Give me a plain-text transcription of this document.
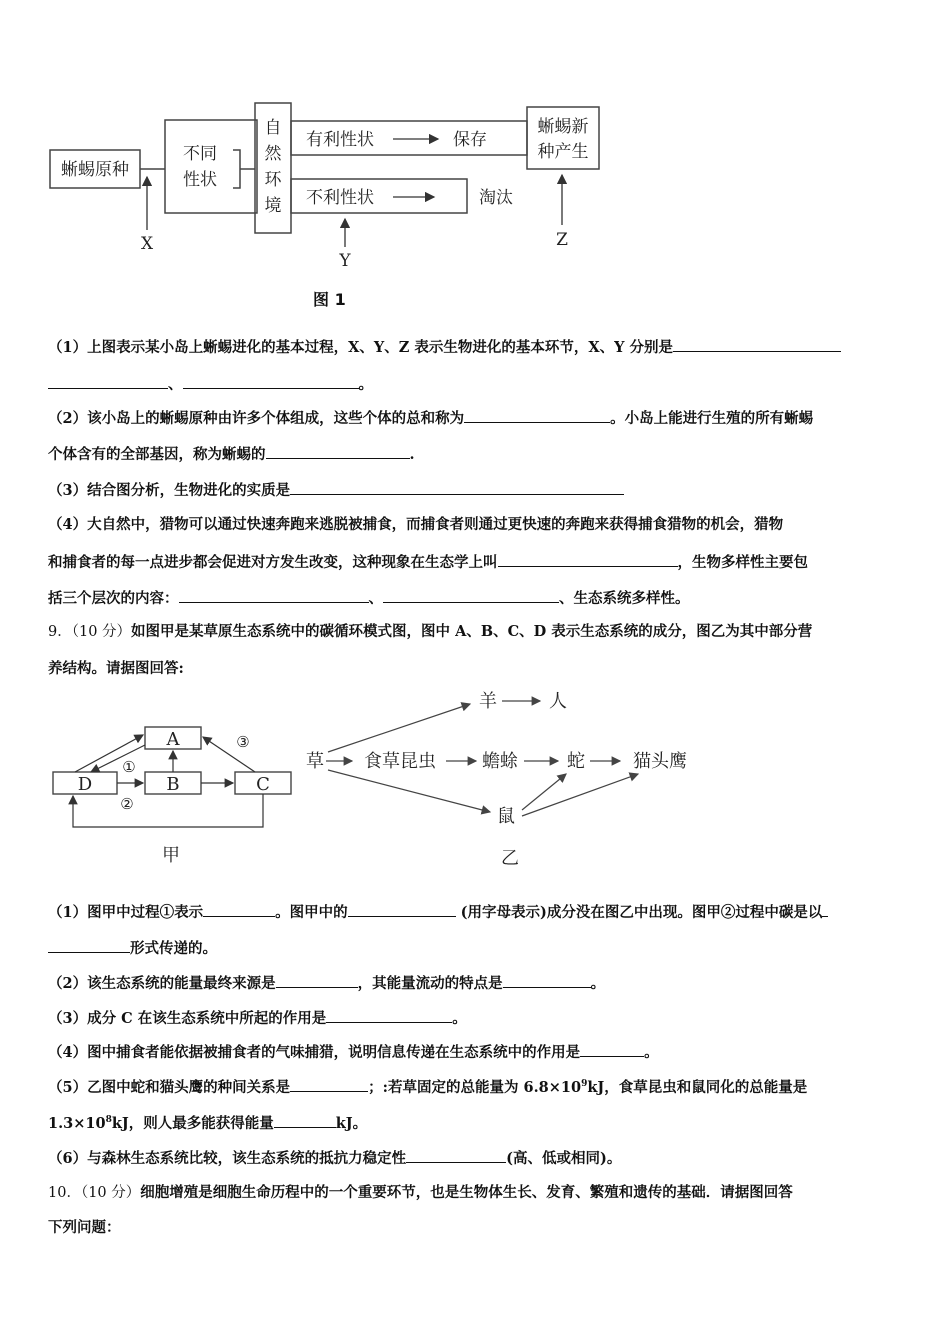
蜥蜴原种
不同
性状
自
然
环
境
有利性状	保存
蜥蜴新
种产生
不利性状	淘汰
X
Y
Z
图 1
（1）上图表示某小岛上蜥蜴进化的基本过程，X、Y、Z 表示生物进化的基本环节，X、Y 分别是
、	。
（2）该小岛上的蜥蜴原种由许多个体组成，这些个体的总和称为	。小岛上能进行生殖的所有蜥蜴
个体含有的全部基因，称为蜥蜴的	.
（3）结合图分析，生物进化的实质是
（4）大自然中，猎物可以通过快速奔跑来逃脱被捕食，而捕食者则通过更快速的奔跑来获得捕食猎物的机会，猎物
和捕食者的每一点进步都会促进对方发生改变，这种现象在生态学上叫	，生物多样性主要包
括三个层次的内容：	、	、生态系统多样性。
9．（10 分）如图甲是某草原生态系统中的碳循环模式图，图中 A、B、C、D 表示生态系统的成分，图乙为其中部分营
养结构。请据图回答:
A
D	B	C
①
②
③
甲
草 食草昆虫	蟾蜍	蛇	猫头鹰
羊	人
鼠
乙
（1）图甲中过程①表示	。图甲中的	(用字母表示)成分没在图乙中出现。图甲②过程中碳是以
形式传递的。
（2）该生态系统的能量最终来源是	，其能量流动的特点是	。
（3）成分 C 在该生态系统中所起的作用是	。
（4）图中捕食者能依据被捕食者的气味捕猎，说明信息传递在生态系统中的作用是	。
（5）乙图中蛇和猫头鹰的种间关系是	；:若草固定的总能量为 $6.8\times 10^9kJ$，食草昆虫和鼠同化的总能量是
$1.3\times 10^8kJ$，则人最多能获得能量	kJ。
（6）与森林生态系统比较，该生态系统的抵抗力稳定性	(高、低或相同)。
10．（10 分）细胞增殖是细胞生命历程中的一个重要环节，也是生物体生长、发育、繁殖和遗传的基础．请据图回答
下列问题：
